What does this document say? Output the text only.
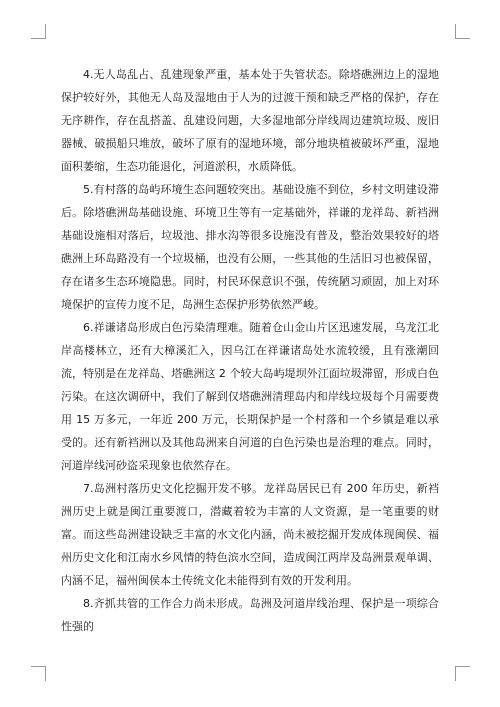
4.无人岛乱占、乱建现象严重，基本处于失管状态。除塔礁洲边上的湿地保护较好外，其他无人岛及湿地由于人为的过渡干预和缺乏严格的保护，存在无序耕作，存在乱搭盖、乱建设问题，大多湿地部分岸线周边建筑垃圾、废旧器械、破损船只堆放，破坏了原有的湿地环境，部分地块植被破坏严重，湿地面积萎缩，生态功能退化，河道淤积，水质降低。

5.有村落的岛屿环境生态问题较突出。基础设施不到位，乡村文明建设滞后。除塔礁洲岛基础设施、环境卫生等有一定基础外，祥谦的龙祥岛、新裆洲基础设施相对落后，垃圾池、排水沟等很多设施没有普及，整治效果较好的塔礁洲上环岛路没有一个垃圾桶，也没有公厕，一些其他的生活旧习也被保留，存在诸多生态环境隐患。同时，村民环保意识不强，传统陋习顽固，加上对环境保护的宣传力度不足，岛洲生态保护形势依然严峻。

6.祥谦诸岛形成白色污染清理难。随着仓山金山片区迅速发展，乌龙江北岸高楼林立，还有大樟溪汇入，因乌江在祥谦诸岛处水流较缓，且有涨潮回流，特别是在龙祥岛、塔礁洲这 2 个较大岛屿堤坝外江面垃圾滞留，形成白色污染。在这次调研中，我们了解到仅塔礁洲清理岛内和岸线垃圾每个月需要费用 15 万多元，一年近 200 万元，长期保护是一个村落和一个乡镇是难以承受的。还有新裆洲以及其他岛洲来自河道的白色污染也是治理的难点。同时，河道岸线河砂盗采现象也依然存在。

7.岛洲村落历史文化挖掘开发不够。龙祥岛居民已有 200 年历史，新裆洲历史上就是闽江重要渡口，潜藏着较为丰富的人文资源，是一笔重要的财富。而这些岛洲建设缺乏丰富的水文化内涵，尚未被挖掘开发成体现闽侯、福州历史文化和江南水乡风情的特色滨水空间，造成闽江两岸及岛洲景观单调、内涵不足，福州闽侯本土传统文化未能得到有效的开发利用。

8.齐抓共管的工作合力尚未形成。岛洲及河道岸线治理、保护是一项综合性强的
